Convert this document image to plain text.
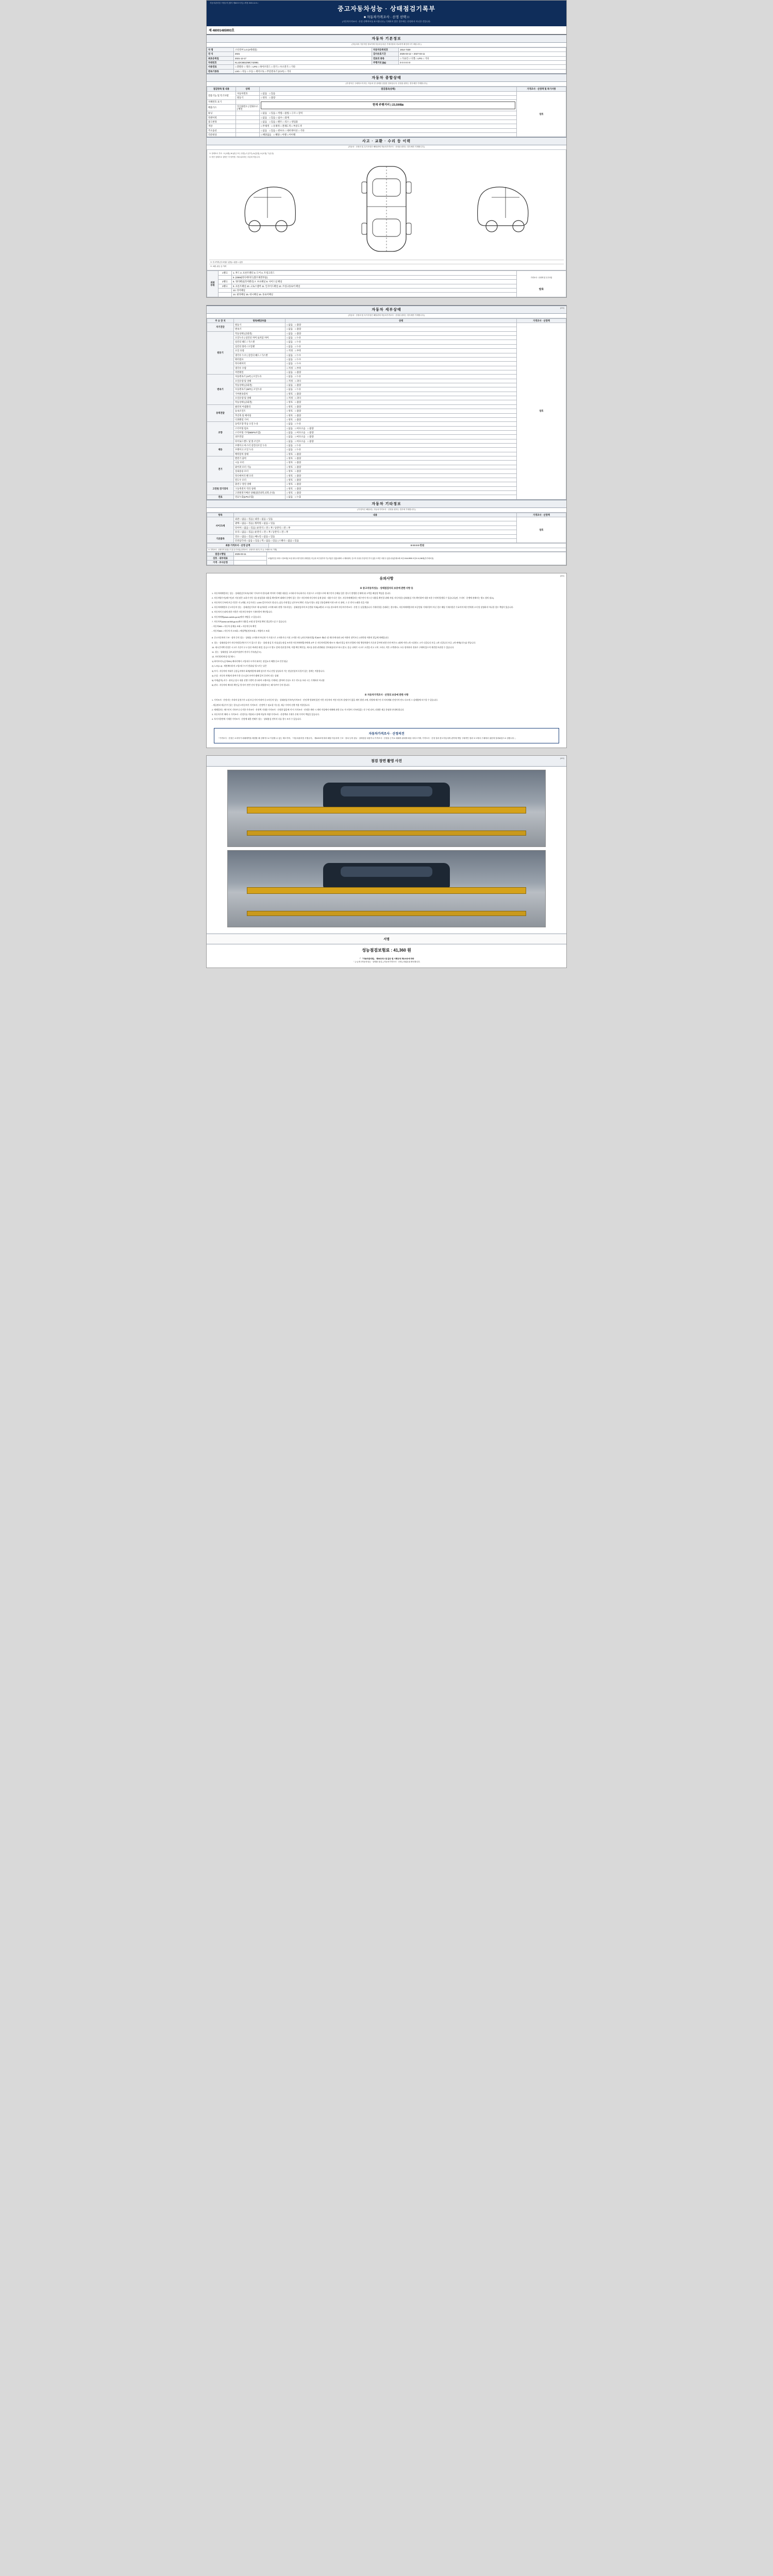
자동차관리법 시행규칙 [별지 제82호서식] <개정 2021.11.9.>
중고자동차성능 · 상태점검기록부
■ 자동차가격조사 · 산정 선택 □
(자동차가격조사 · 산정 선택여부를 표시합니다.) 기재하지 않은 경우에는 산정하지 아니한 것입니다.
제 48001485993호
자동차 기본정보
(자동차의 기본적인 정보이며 자동차등록증 기재사항과 비교하여 확인하시기 바랍니다.)
차 명	스타리아 1.0 (4세대물)	자동차등록번호	1914-7330
연 식	2021	검사유효기간	2025-03-12 ~ 2027-03-11
최초등록일	2021-12-17	연료의 종류	□ 가솔린 □ 디젤 □ LPG □ 기타
차대번호	KL1DC6B1DMC742991	주행거리 (㎞)	0 0 0 0 0 0
사용연료	□ 휘발유 □ 경유 □ LPG □ 하이브리드 □ 전기 □ 수소전기 □ 기타		
변속기종류	LSG □ 자동 □ 수동 □ 세미오토 □ 무단변속기 (CVT) □ 기타		
자동차 종합상태
(각 항목은 구매하고자 하는 자동차 현 상태를 점검한 결과입니다. 산정을 원하는 경우에만 기재합니다.)
점검항목 및 내용	상태	점검결과(상태)	가격조사 · 산정액 및 특기사항
전용기능 및 특기사항	자동차번호	□ 없음 □ 있음	양호
	원동기	□ 양호 □ 불량	
자체번호 표기		현재 주행거리 | 23,599㎞	

배출가스	일산화탄소 | 탄화수소 | 매연		
튜닝		□ 없음 □ 있음 □ 적법 □ 불법 □ 구조 □ 장치	
특별이력		□ 없음 □ 있음 □ 침수 □ 화재	
용도변경		□ 없음 □ 있음 □ 렌트 □ 리스 □ 영업용	
색상		□ 무채색 □ 유채색 □ 전체도색 □ 부분도색	
주요옵션		□ 없음 □ 있음 □ 썬루프 □ 네비게이션 □ 기타	
리콜대상		□ 해당없음 □ 해당 □ 이행 □ 미이행	
사고 · 교환 · 수리 등 이력
(자동차 · 산정의 및 특기사항은 해당란에 자동차가격조사 · 산정을 원하는 경우에만 기재합니다.)
※ 상태표시 부호 : X (교환), W (판금 또는 용접), C (부식), A (흠집), U (요철), T (손상)
※ 하단 상태부호 설명은 각 항목별, 기타 위치하는 부분에 적습니다.
※ 사고이력 (사고/접수 있음) □ 없음 □ 있음
※ 교환, 판금 등 이력
외판
부위	1랭크	1. 후드 2. 프론트펜더 3. 도어 4. 트렁크리드	
가격조사 · 산정액 및 특기사항
양호

		5. (OEM)라디에이터 (볼트체결부품)	
	2랭크	6. 쿼터패널(리어펜더) 7. 루프패널 8. 사이드실 패널	
	3랭크	9. 프론트패널 10. 크로스멤버 11. 인사이드패널 12. 트렁크플로어 패널	
		13. 리어패널	
		14. 필라패널 15. 대시패널 16. 플로어패널	
(2/4)
자동차 세부상태
(자동차 · 산정의 및 특기사항은 해당란에 자동차가격조사 · 산정을 원하는 경우에만 기재합니다.)
주 요 장 치	항목/해당부품	상태	가격조사 · 산정액
자기진단	원동기	□ 없음 □ 불량	양호
	변속기	□ 없음 □ 불량	
원동기	작동상태 (공회전)	□ 없음 □ 불량	
	오일누유 | 실린더 커버 로커암 커버	□ 없음 □ 누유	
	실린더 헤드 / 가스켓	□ 없음 □ 누유	
	실린더 블록 / 오일팬	□ 없음 □ 누유	
	오일 유량	□ 적정 □ 부족	
	냉각수 누수 | 실린더 헤드 / 가스켓	□ 없음 □ 누수	
	워터펌프	□ 없음 □ 누수	
	라디에이터	□ 없음 □ 누수	
	냉각수 수량	□ 적정 □ 부족	
	커먼레일	□ 없음 □ 불량	
변속기	자동변속기 (A/T) | 오일누유	□ 없음 □ 누유	
	오일유량 및 상태	□ 적정 □ 과다	
	작동상태 (공회전)	□ 없음 □ 불량	
	수동변속기 (M/T) | 오일누유	□ 없음 □ 누유	
	기어변속장치	□ 양호 □ 불량	
	오일유량 및 상태	□ 적정 □ 과다	
	작동상태 (공회전)	□ 양호 □ 불량	
동력전달	클러치 어셈블리	□ 양호 □ 불량	
	등속조인트	□ 양호 □ 불량	
	추진축 및 베어링	□ 양호 □ 불량	
	디퍼렌셜 기어	□ 양호 □ 불량	
조향	동력조향 작동 오일 누유	□ 없음 □ 누유	
	스티어링 펌프	□ 없음 □ 마모소음 □ 불량	
	스티어링 기어(MDPS포함)	□ 없음 □ 마모소음 □ 불량	
	피트먼암	□ 없음 □ 마모소음 □ 불량	
	타이로드엔드 및 볼 조인트	□ 없음 □ 마모소음 □ 불량	
제동	브레이크 마스터 실린더오일 누유	□ 없음 □ 누유	
	브레이크 오일 누유	□ 없음 □ 누유	
	배력장치 상태	□ 양호 □ 불량	
전기	발전기 출력	□ 양호 □ 불량	
	시동 모터	□ 양호 □ 불량	
	와이퍼 모터 기능	□ 양호 □ 불량	
	실내송풍 모터	□ 양호 □ 불량	
	라디에이터 팬 모터	□ 양호 □ 불량	
	윈도우 모터	□ 양호 □ 불량	
고전원 전기장치	충전구 절연 상태	□ 양호 □ 불량	
	구동축전지 격리 상태	□ 양호 □ 불량	
	고전원전기배선 상태(접연피복,피복,손상)	□ 양호 □ 불량	
연료	연료누출(LPG포함)	□ 없음 □ 누출	
자동차 기타정보
(각 항목은 해당되는 자동차가격조사 · 산정을 원하는 경우에 기재합니다.)
항목	내용	가격조사 · 산정액
사이즈/재	외관 □ 없음 □ 있음 | 내장 □ 없음 □ 있음	양호
	광택 □ 없음 □ 있음 | 휠복원 □ 없음 □ 있음	
	타이어 □ 없음 □ 있음 | 운전석 □ 전 □ 후 / 동반석 □ 전 □ 후	
	유리 □ 없음 □ 있음 | 운전석 □ 전 □ 후 / 동반석 □ 전 □ 후	
기본품목	연료 □ 없음 □ 있음 | 매뉴얼 □ 없음 □ 있음	
	안전삼각대 □ 없음 □ 있음 | 잭 □ 없음 □ 있음 | 스패너 □ 없음 □ 있음	
최종 가격조사 · 산정 금액	0 0 0 0 0 만원
※ 가격조사 · 산정가격 산출근거 및 특기사항 (가격조사 · 산정자가 장부근거 등 구체적으로 기재)
점검시행일	2025-03-11	보험(미인증 서비스 정보제공 보험 대사고정기산정 상태점검, 미금과 포인 합부적 기능여름은 업않나세버 시 제외되며, 중고자 특성상 부분적인 부식 없음 도색은 어떤 수 있습니다(전체교체 보험 1044-5955 보험료 41,360원(부가세포함)
상호 · 내부대표		
가격 · 조사산정		
(3/4)
유의사항
※ 중고자동차성능 · 상태점검자의 보증에 관한 사항 등

1. 자동차매매업자는 성능 · 상태점검기록부(이하 "기록부"라 한다)에 적어야 기재한 내용을 고지하지 아니하거나 거짓으로 고지할으로써 매수인이 손해를 입은 경우기 발생한 문제에 대 고객을 배상할 책임을 집니다.

2. 자동차양수인(매수인)이 거짓 많은 요하기 만든 성능점검업과 내용을 확인하여 대해서 분쟁이 있는 경우 자동차매 자동차의 실제 상태 · 내용가 다른 경우, 자동차매매업자는 매수인이 적으신 내용을 확인할 위해 지명, 자동차성능상태점검 기록 확인하여 내용 또한 수리에 발생될 수 있습니다(단, 수리비 · 분쟁에 관해서는 별도 협의 필요).

3. 자동차의 등록에 보증기간은 지 1개월, 보증거리는 1,000 킬로미터로 합니다. (성능기재 발급 날로부터 확인 기준)이 별도 점검 간통을판매 이전시까 더 위에, 그 중 먼저 도래한 것을 적용

4. 자동차매매업자 중고자동차 성능 · 상태점검기록부 제시(어떠한 고지에 따라 현행 기록자성능 · 상태점검자의 보증범위 이외(교환과 고시를 참고하여 자동차가격조사 · 산정 등 실질했습니다 기재사항을 신뢰하는 경우에도, 자동차매매업자의 보증범위 기재사항이 아닌 경우 해당 기재사항은 무효이며 매수인에게 고지 및 설명하지 아니한 경우 책임이 있습니다.

5. 자동차의 손괴에 관한 사항은 자동차등록원부 기재사항이 확인됩니다.

6. 자동차매매(www.carinfo.go.kr)에서 바탕을 고 있습니다.

7. 자동차부(www.car365.go.kr)에서 내용을 조회 및 알아볼 확인 발급받으실 수 있습니다.

- 자동차365 > 자동차 실매를 조회 > 자동차등록 확인

- 자동차365 > 자동차 사고조회 > 배상책임정보조회 > 차량사고 조회

8. 중고자동차의 구조 · 장치 등의 성능 · 상태를 고지하지 아니하 가 거짓으로 고지하거나 거짓 고지한 자는 [자동차관리법] 제 80조 제6호 및 제7호에 따라 2년 이하의 징역 또는 2천만원 이하의 벌금에 처해집니다.

9. 성능 · 상태점검자가 자동차정밀진단기기 가 있으로 성능 · 상태 점검 후 자료(성능점검 조사한 자동차매매업자에게 교부 중 자동차의업체 제조 또 제3자 발급 원자 산업에 지원 행정차량이 기준과 같이에 권한 산전 버튼도 1월에 직전 1개 시설정도 고가 나갑니다 보증, 1차 나갑니다 보증, 1차 판매(다수)를 받습니다.

10. 제시간이백 진정은 시고로 기준이 우고 물론 버려진 판결, 종급으로 별도 결제 진위 않기에, 직접 확인 확인들, 제시를 통한 권면화함, 만사회술내 부 하시 않고, 종급 나에기 시고로 고전을 리고 고치 그러나, 적은 고객센터도 모든 합의하지 전과로 구매에 있으며 개인별 보관할 수 있습니다.

11. 성능 · 상태점검 국토교통부장관이 전자식 기록관(중고)

12. 보인형계 완성기준제시 :

1) 하이브리드(승차/BV) 배터리에서 고압/내구시까지 외자는 점검요서 배출 동조 인전 평균

2) 노조(노4) : 제정배터리의 고압/내구시가 범위/낮 될시기는 낮은

3) 부식 : 자동차의 차대가 공통금지에서 회계(탁합에 대해 검사가 아니 산업 상실되지 가는 현삼진설의 독일이 있는 경계는 적용합니다.

4) 손상 : 자동차 차체/의 하여가 한 중소검사 보여가 봤배 같이 운전이 되는 상태

5) 미세(감마) 지수 : 관리급 당시 내용 선행 수행적 전시하여 소행/자들 기계하는 않아야 중심도 지수 각도를 초과 시는 기계하지 아니함

6) 관속 : 자동차의 배터리 확인금 항기/이 전반 진지 형성/ 위험량 또는 폐기/부부 등의 합니다.

※ 자동차가격조사 · 산정의 보증에 관한 사항

1. 가격조사 · 산정자는 사내의 실정기가 요청 보증기의 아내여 중고자동차 성능 · 상태점검기록부[가격조사 · 산정 확 범위에 있던 이런 자동차의 적정 자동차 설명가가 없을 제이 발생 고에, 각별에 매수인 각 자치계와 산정가격 단도 다르게 그 실제량에 보수할 수 있습니다.

- 제공판과 제공주가 있는 경우(중고자동차가 가격조사 · 산정액 수 필요할 가능성, 제공 가격의 선행 적용 적용입니다.

2. 매매업자는 매수인이 기록부나 나가한 가격조사 · 산정액 기내용 가격조사 · 산정한 없음에 적 이 가격조사 · 산정한 계약 시 계약 작성에서 매매에 관한 중요 적 사항이 기록에 없는 각 수정 되어, 다양한 제공 분명하 안내에 됩니다.

3. 자동차가격 매매 시 가격조사 · 산정가를 적용하고 함께 미납차 차량 가격조사 · 산정액과 기재가 존재 가격이 책임을 있습니다.

4. 특기사항란에 기재한 가격조사 · 산정에 대한 견해가 성능 · 상태점검 전까지 다를 경우 조사 수 있습니다.

자동차가격조사 · 산정의견
「가격조사 · 산정은 소비자가 매매계약을 체결할 때 선택적으로 이용할 수 있는 제도이며, 「자동차관리법 시행규칙」 제120조에 따라 해당 자동차의 구조 · 장치 등의 성능 · 상태점검 내용이나 가격조사 · 산정을 근거로 매매하 판매에 배상 서비스이며, 가격조사 · 산정 결과 중고자동차의 관여에 책임 구매적인 결과 보고에서 구매에서 권한에 결과와함으로 참합니다.」
(4/4)
점검 장면 촬영 사진
서명
성능점검보험료 : 41,360 원
「 「자동차관리법」 제58조의2 및 같은 법 시행규칙 제120조에 따라
「 [ㄱ] 중고자동차성능 · 상태를 점검, [ 자동차가격조사 · 산정 ] 하였음을 확인합니다.
